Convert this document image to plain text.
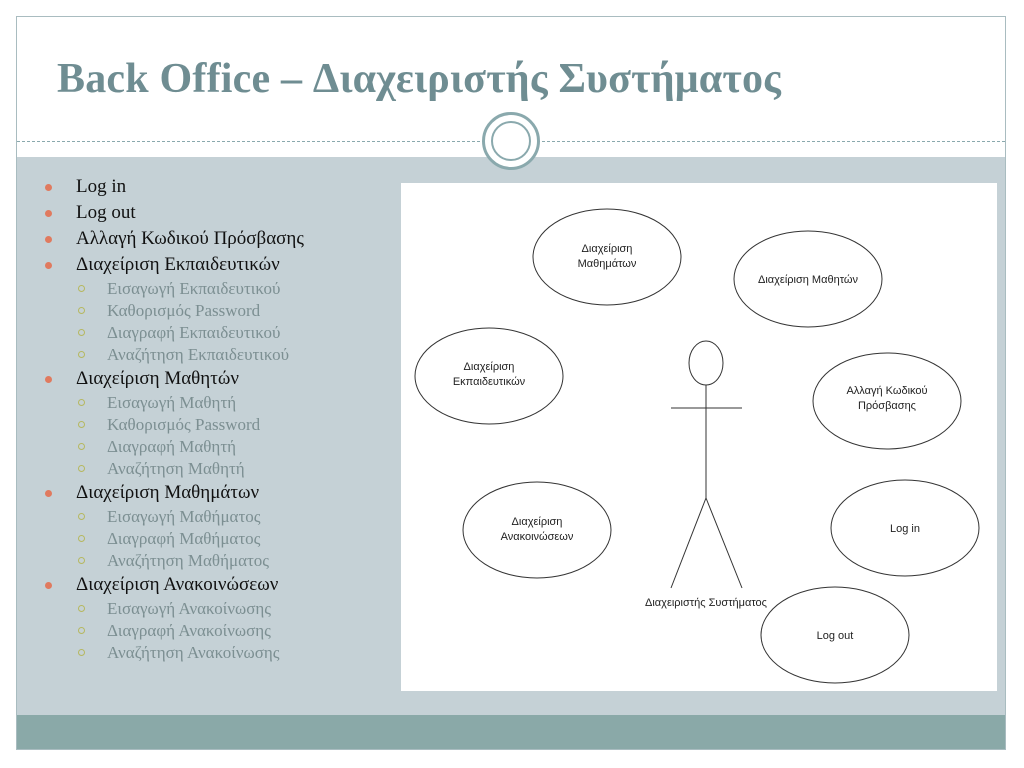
Back Office – Διαχειριστής Συστήματος
Log in
Log out
Αλλαγή Κωδικού Πρόσβασης
Διαχείριση Εκπαιδευτικών
Εισαγωγή Εκπαιδευτικού
Καθορισμός Password
Διαγραφή Εκπαιδευτικού
Αναζήτηση Εκπαιδευτικού
Διαχείριση Μαθητών
Εισαγωγή Μαθητή
Καθορισμός Password
Διαγραφή Μαθητή
Αναζήτηση Μαθητή
Διαχείριση Μαθημάτων
Εισαγωγή Μαθήματος
Διαγραφή Μαθήματος
Αναζήτηση Μαθήματος
Διαχείριση Ανακοινώσεων
Εισαγωγή Ανακοίνωσης
Διαγραφή Ανακοίνωσης
Αναζήτηση Ανακοίνωσης
Διαχείριση
Μαθημάτων
Διαχείριση Μαθητών
Διαχείριση
Εκπαιδευτικών
Αλλαγή Κωδικού
Πρόσβασης
Διαχείριση
Ανακοινώσεων
Log in
Log out
Διαχειριστής Συστήματος
